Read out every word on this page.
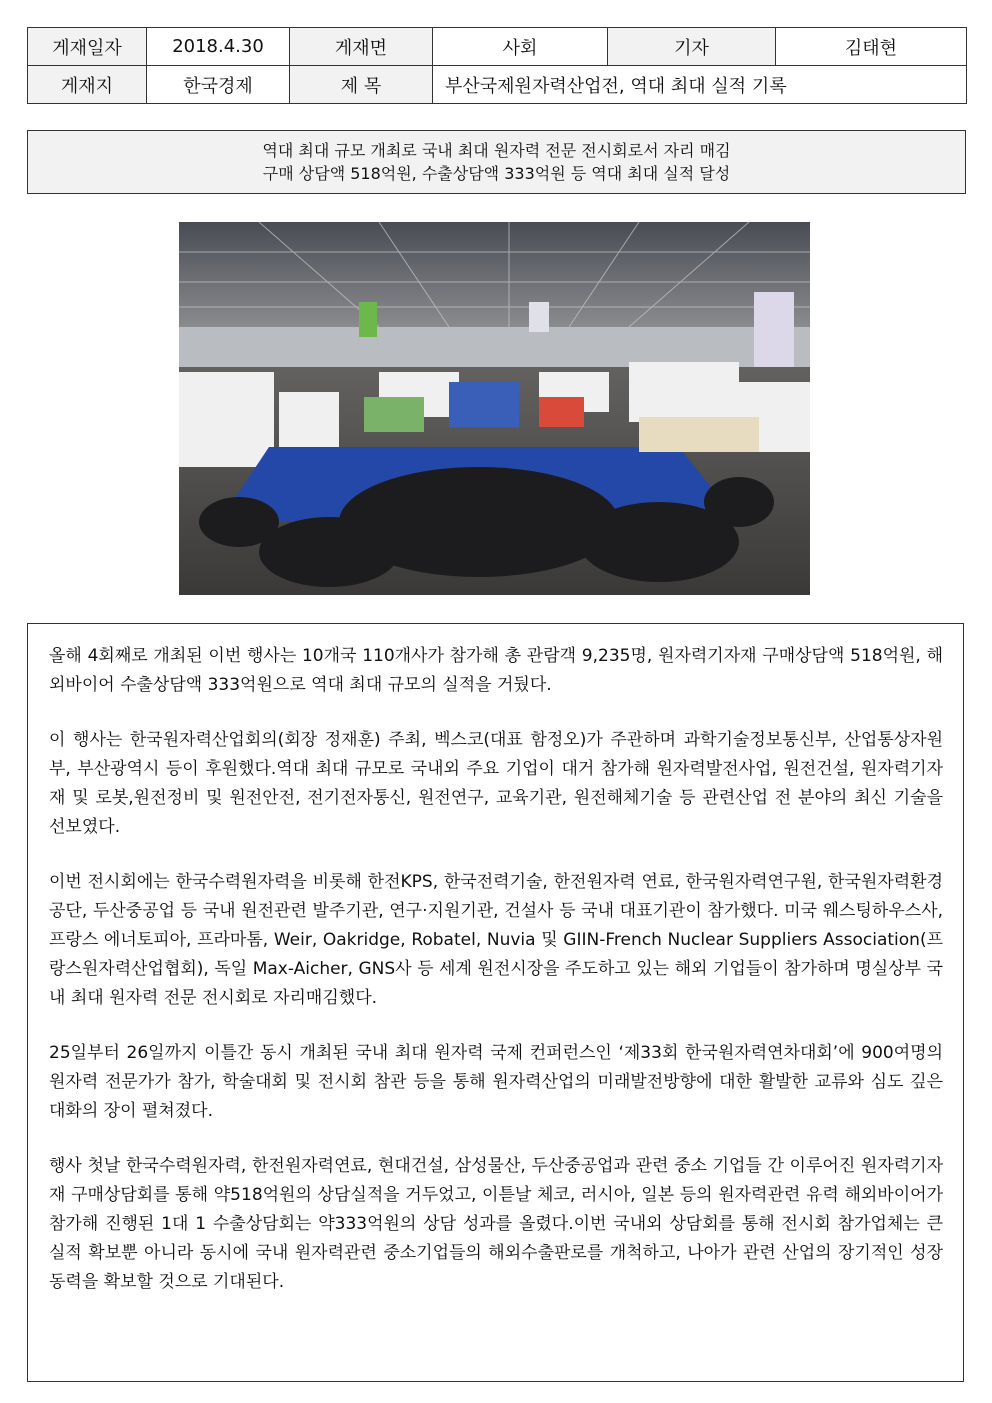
게재일자	2018.4.30	게재면	사회	기자	김태현
게재지	한국경제	제 목	부산국제원자력산업전, 역대 최대 실적 기록		
역대 최대 규모 개최로 국내 최대 원자력 전문 전시회로서 자리 매김
구매 상담액 518억원, 수출상담액 333억원 등 역대 최대 실적 달성

올해 4회째로 개최된 이번 행사는 10개국 110개사가 참가해 총 관람객 9,235명, 원자력기자재 구매상담액 518억원, 해외바이어 수출상담액 333억원으로 역대 최대 규모의 실적을 거뒀다.

이 행사는 한국원자력산업회의(회장 정재훈) 주최, 벡스코(대표 함정오)가 주관하며 과학기술정보통신부, 산업통상자원부, 부산광역시 등이 후원했다.역대 최대 규모로 국내외 주요 기업이 대거 참가해 원자력발전사업, 원전건설, 원자력기자재 및 로봇,원전정비 및 원전안전, 전기전자통신, 원전연구, 교육기관, 원전해체기술 등 관련산업 전 분야의 최신 기술을 선보였다.

이번 전시회에는 한국수력원자력을 비롯해 한전KPS, 한국전력기술, 한전원자력 연료, 한국원자력연구원, 한국원자력환경공단, 두산중공업 등 국내 원전관련 발주기관, 연구·지원기관, 건설사 등 국내 대표기관이 참가했다. 미국 웨스팅하우스사, 프랑스 에너토피아, 프라마톰, Weir, Oakridge, Robatel, Nuvia 및 GIIN-French Nuclear Suppliers Association(프랑스원자력산업협회), 독일 Max-Aicher, GNS사 등 세계 원전시장을 주도하고 있는 해외 기업들이 참가하며 명실상부 국내 최대 원자력 전문 전시회로 자리매김했다.

25일부터 26일까지 이틀간 동시 개최된 국내 최대 원자력 국제 컨퍼런스인 ‘제33회 한국원자력연차대회’에 900여명의 원자력 전문가가 참가, 학술대회 및 전시회 참관 등을 통해 원자력산업의 미래발전방향에 대한 활발한 교류와 심도 깊은 대화의 장이 펼쳐졌다.

행사 첫날 한국수력원자력, 한전원자력연료, 현대건설, 삼성물산, 두산중공업과 관련 중소 기업들 간 이루어진 원자력기자재 구매상담회를 통해 약518억원의 상담실적을 거두었고, 이튿날 체코, 러시아, 일본 등의 원자력관련 유력 해외바이어가 참가해 진행된 1대 1 수출상담회는 약333억원의 상담 성과를 올렸다.이번 국내외 상담회를 통해 전시회 참가업체는 큰 실적 확보뿐 아니라 동시에 국내 원자력관련 중소기업들의 해외수출판로를 개척하고, 나아가 관련 산업의 장기적인 성장 동력을 확보할 것으로 기대된다.
